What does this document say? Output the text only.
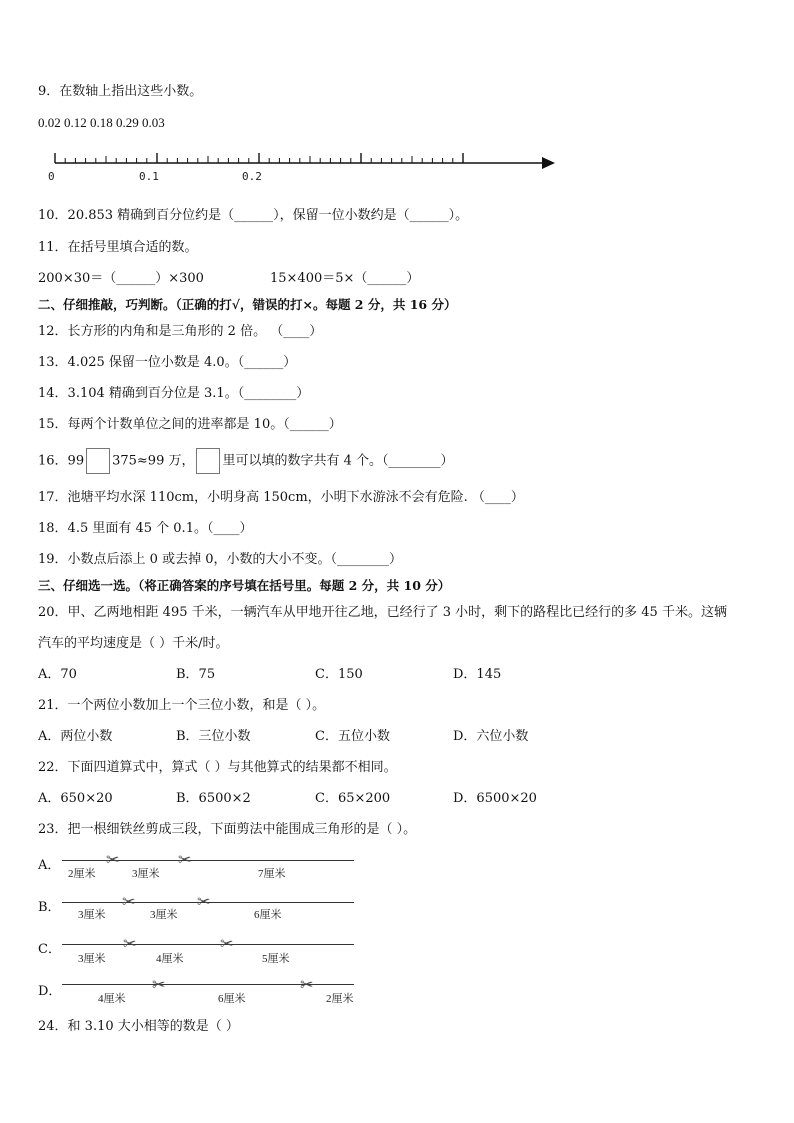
9．在数轴上指出这些小数。
0.02 0.12 0.18 0.29 0.03
0	0.1	0.2
10．20.853 精确到百分位约是（______），保留一位小数约是（______）。
11．在括号里填合适的数。
200×30＝（______）×300	15×400＝5×（______）
二、仔细推敲，巧判断。（正确的打√，错误的打×。每题 2 分，共 16 分）
12．长方形的内角和是三角形的 2 倍。 （____）
13．4.025 保留一位小数是 4.0。（______）
14．3.104 精确到百分位是 3.1。（________）
15．每两个计数单位之间的进率都是 10。（______）
16．99 375≈99 万， 里可以填的数字共有 4 个。（________）
17．池塘平均水深 110cm，小明身高 150cm，小明下水游泳不会有危险. （____）
18．4.5 里面有 45 个 0.1。（____）
19．小数点后添上 0 或去掉 0，小数的大小不变。（________）
三、仔细选一选。（将正确答案的序号填在括号里。每题 2 分，共 10 分）
20．甲、乙两地相距 495 千米，一辆汽车从甲地开往乙地，已经行了 3 小时，剩下的路程比已经行的多 45 千米。这辆
汽车的平均速度是（ ）千米/时。
A．70	B．75	C．150	D．145
21．一个两位小数加上一个三位小数，和是（ ）。
A．两位小数	B．三位小数	C．五位小数	D．六位小数
22．下面四道算式中，算式（ ）与其他算式的结果都不相同。
A．650×20	B．6500×2	C．65×200	D．6500×20
23．把一根细铁丝剪成三段，下面剪法中能围成三角形的是（ ）。
A．	✂	✂
2厘米	3厘米	7厘米
B．	✂	✂
3厘米	3厘米	6厘米
C．	✂	✂
3厘米	4厘米	5厘米
D．	✂	✂
4厘米	6厘米	2厘米
24．和 3.10 大小相等的数是（ ）
